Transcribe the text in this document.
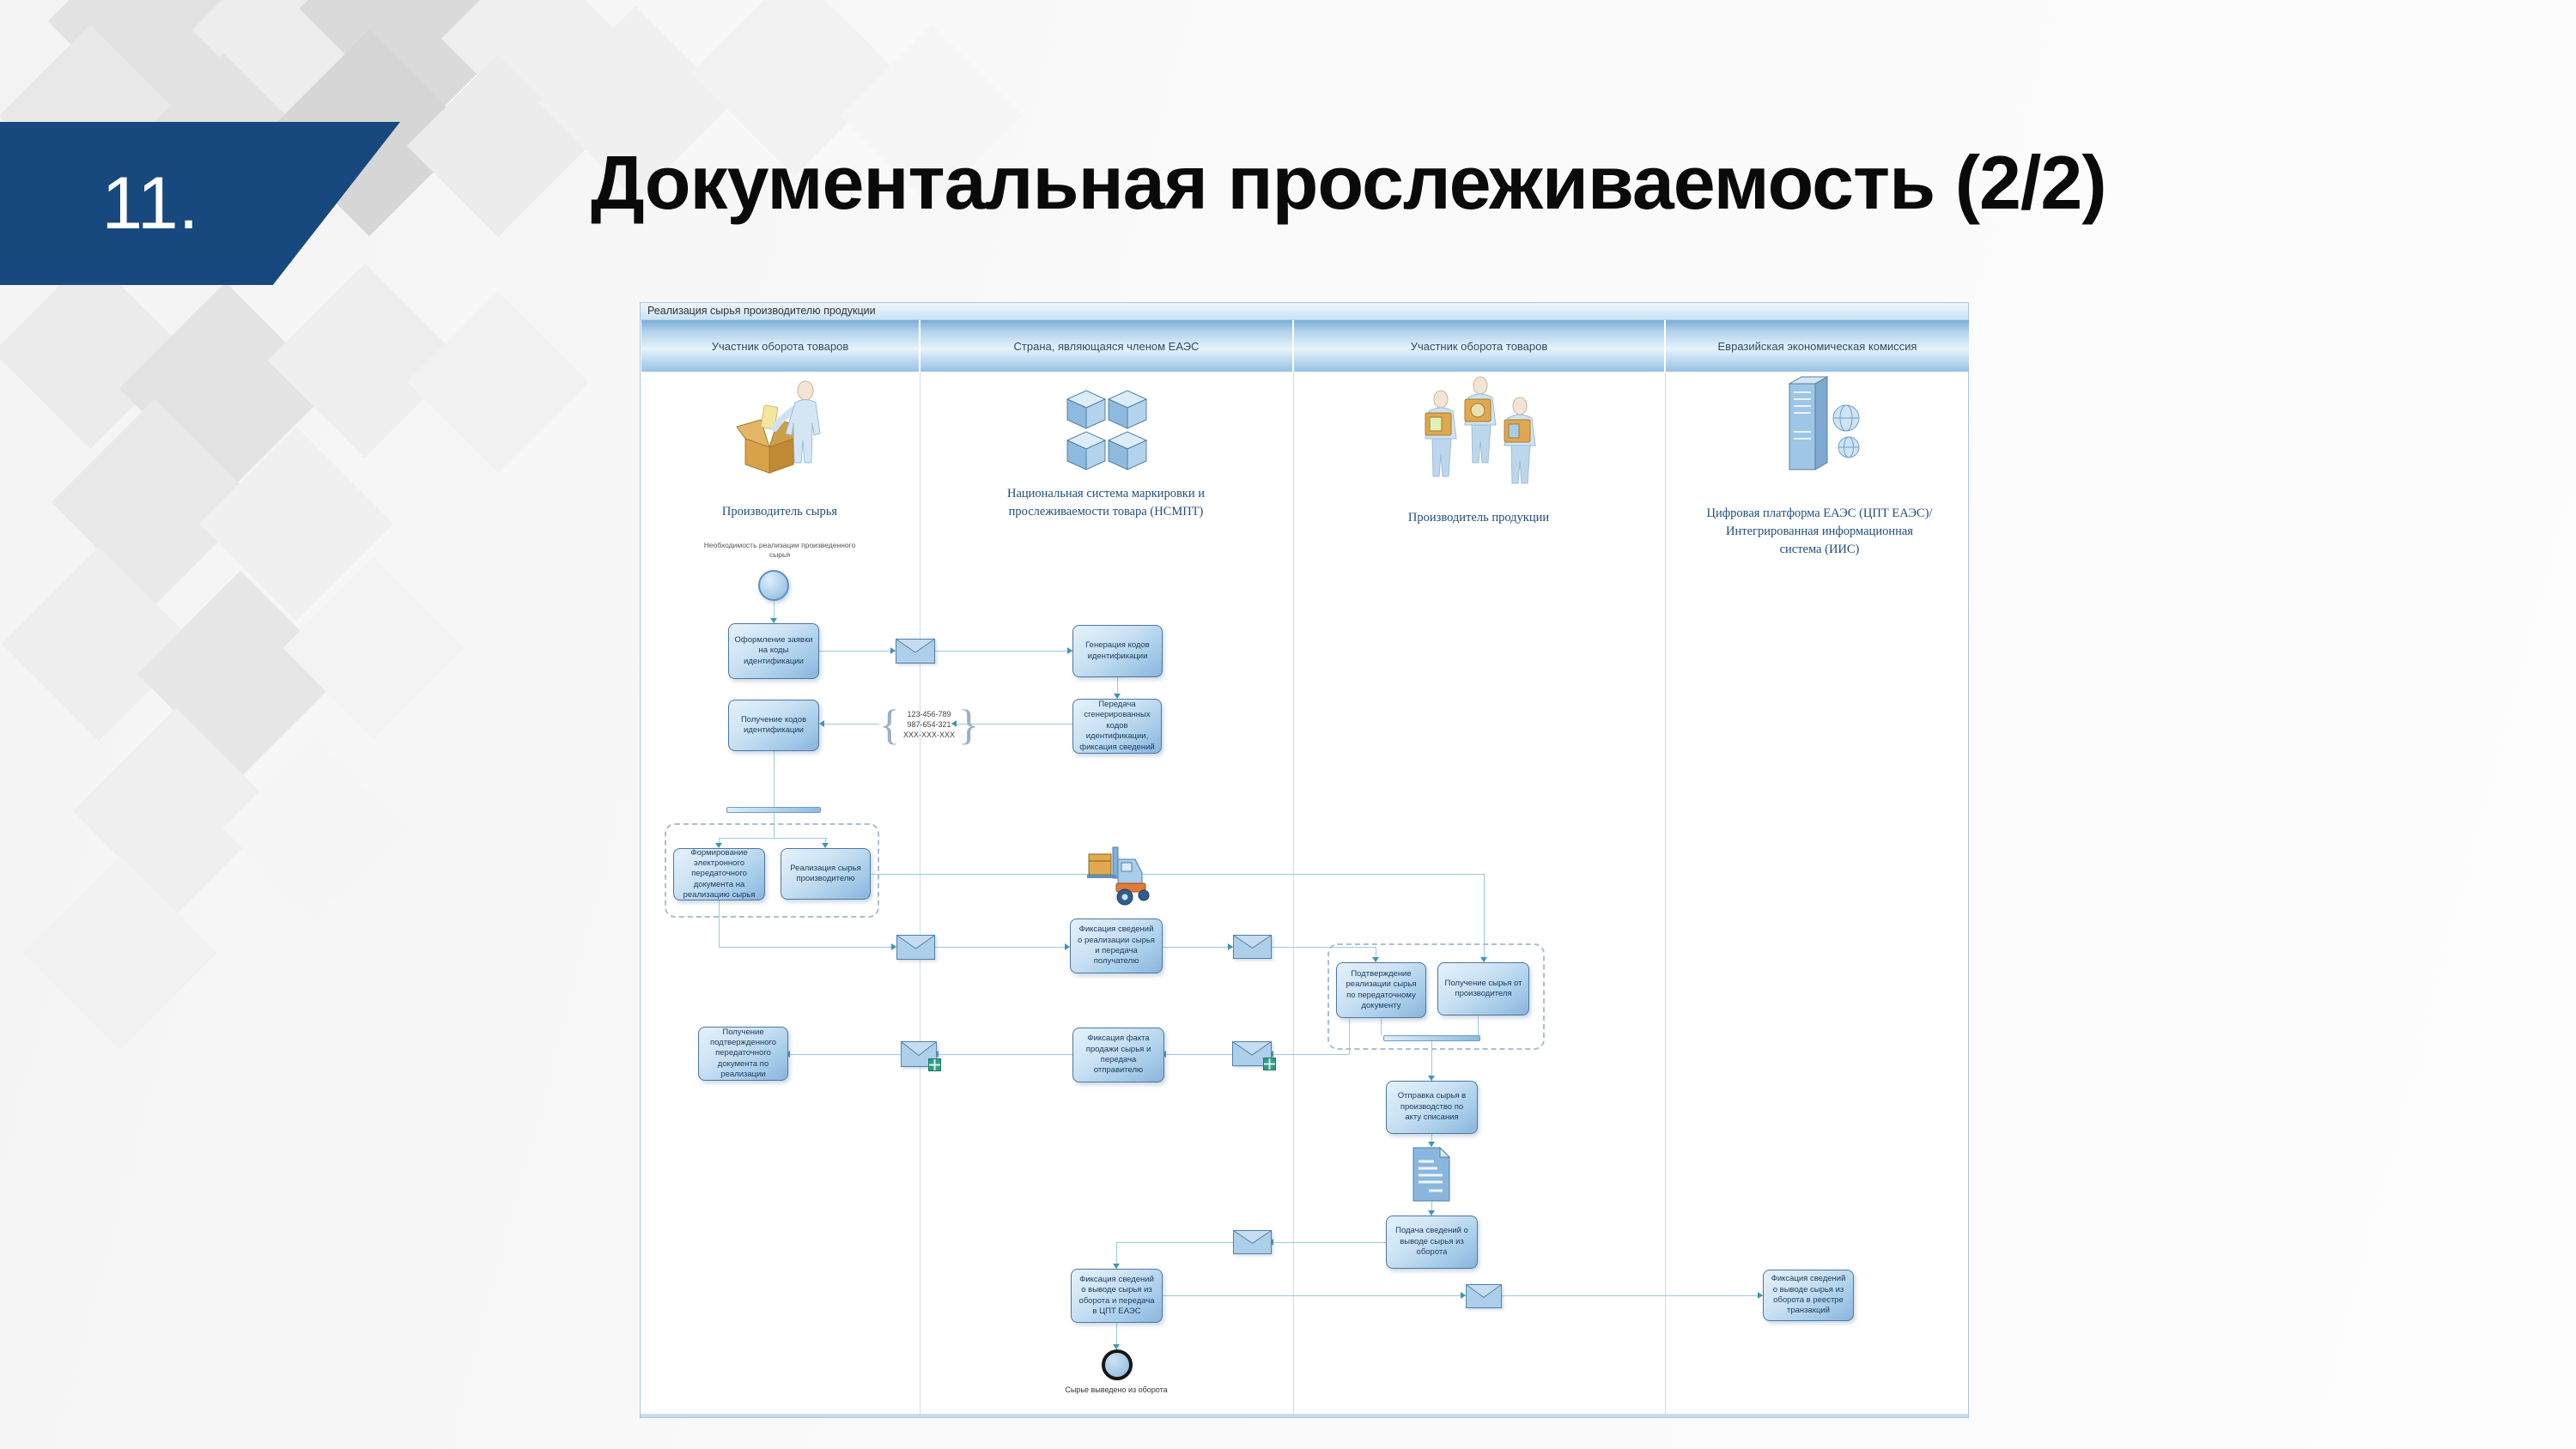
11.	Документальная прослеживаемость (2/2)
Реализация сырья производителю продукции
Участник оборота товаров	Страна, являющаяся членом ЕАЭС	Участник оборота товаров	Евразийская экономическая комиссия
Производитель сырья
Необходимость реализации произведенного сырья
Национальная система маркировки и прослеживаемости товара (НСМПТ)	Производитель продукции	Цифровая платформа ЕАЭС (ЦПТ ЕАЭС)/ Интегрированная информационная система (ИИС)
Оформление заявки на коды идентификации
Получение кодов идентификации
Формирование электронного передаточного документа на реализацию сырья
Реализация сырья производителю
Получение подтвержденного передаточного документа по реализации
Генерация кодов идентификации
Передача сгенерированных кодов идентификации, фиксация сведений
Фиксация сведений о реализации сырья и передача получателю
Фиксация факта продажи сырья и передача отправителю
Фиксация сведений о выводе сырья из оборота и передача в ЦПТ ЕАЭС
Сырье выведено из оборота
Подтверждение реализации сырья по передаточному документу
Получение сырья от производителя
Отправка сырья в производство по акту списания
Подача сведений о выводе сырья из оборота
Фиксация сведений о выводе сырья из оборота в реестре транзакций
{ 123-456-789
987-654-321
XXX-XXX-XXX }
